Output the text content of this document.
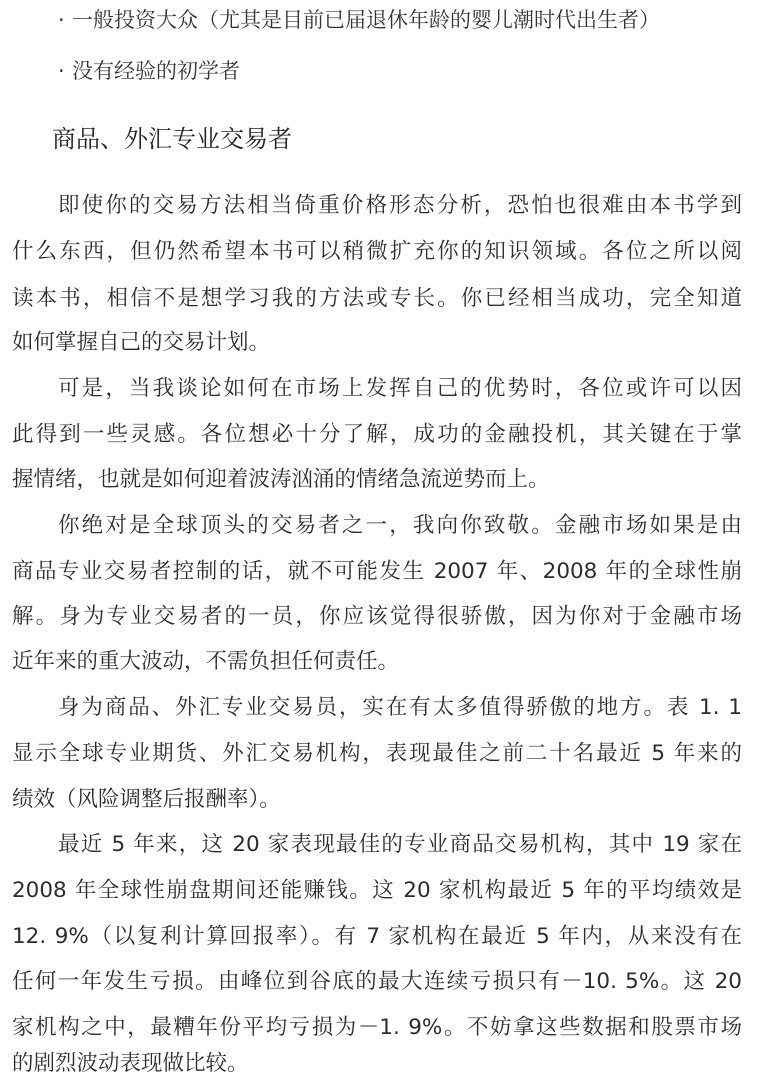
· 一般投资大众（尤其是目前已届退休年龄的婴儿潮时代出生者）
· 没有经验的初学者
商品、外汇专业交易者
即使你的交易方法相当倚重价格形态分析，恐怕也很难由本书学到
什么东西，但仍然希望本书可以稍微扩充你的知识领域。各位之所以阅
读本书，相信不是想学习我的方法或专长。你已经相当成功，完全知道
如何掌握自己的交易计划。
可是，当我谈论如何在市场上发挥自己的优势时，各位或许可以因
此得到一些灵感。各位想必十分了解，成功的金融投机，其关键在于掌
握情绪，也就是如何迎着波涛汹涌的情绪急流逆势而上。
你绝对是全球顶头的交易者之一，我向你致敬。金融市场如果是由
商品专业交易者控制的话，就不可能发生 2007 年、2008 年的全球性崩
解。身为专业交易者的一员，你应该觉得很骄傲，因为你对于金融市场
近年来的重大波动，不需负担任何责任。
身为商品、外汇专业交易员，实在有太多值得骄傲的地方。表 1. 1
显示全球专业期货、外汇交易机构，表现最佳之前二十名最近 5 年来的
绩效（风险调整后报酬率）。
最近 5 年来，这 20 家表现最佳的专业商品交易机构，其中 19 家在
2008 年全球性崩盘期间还能赚钱。这 20 家机构最近 5 年的平均绩效是
12. 9%（以复利计算回报率）。有 7 家机构在最近 5 年内，从来没有在
任何一年发生亏损。由峰位到谷底的最大连续亏损只有－10. 5%。这 20
家机构之中，最糟年份平均亏损为－1. 9%。不妨拿这些数据和股票市场
的剧烈波动表现做比较。
